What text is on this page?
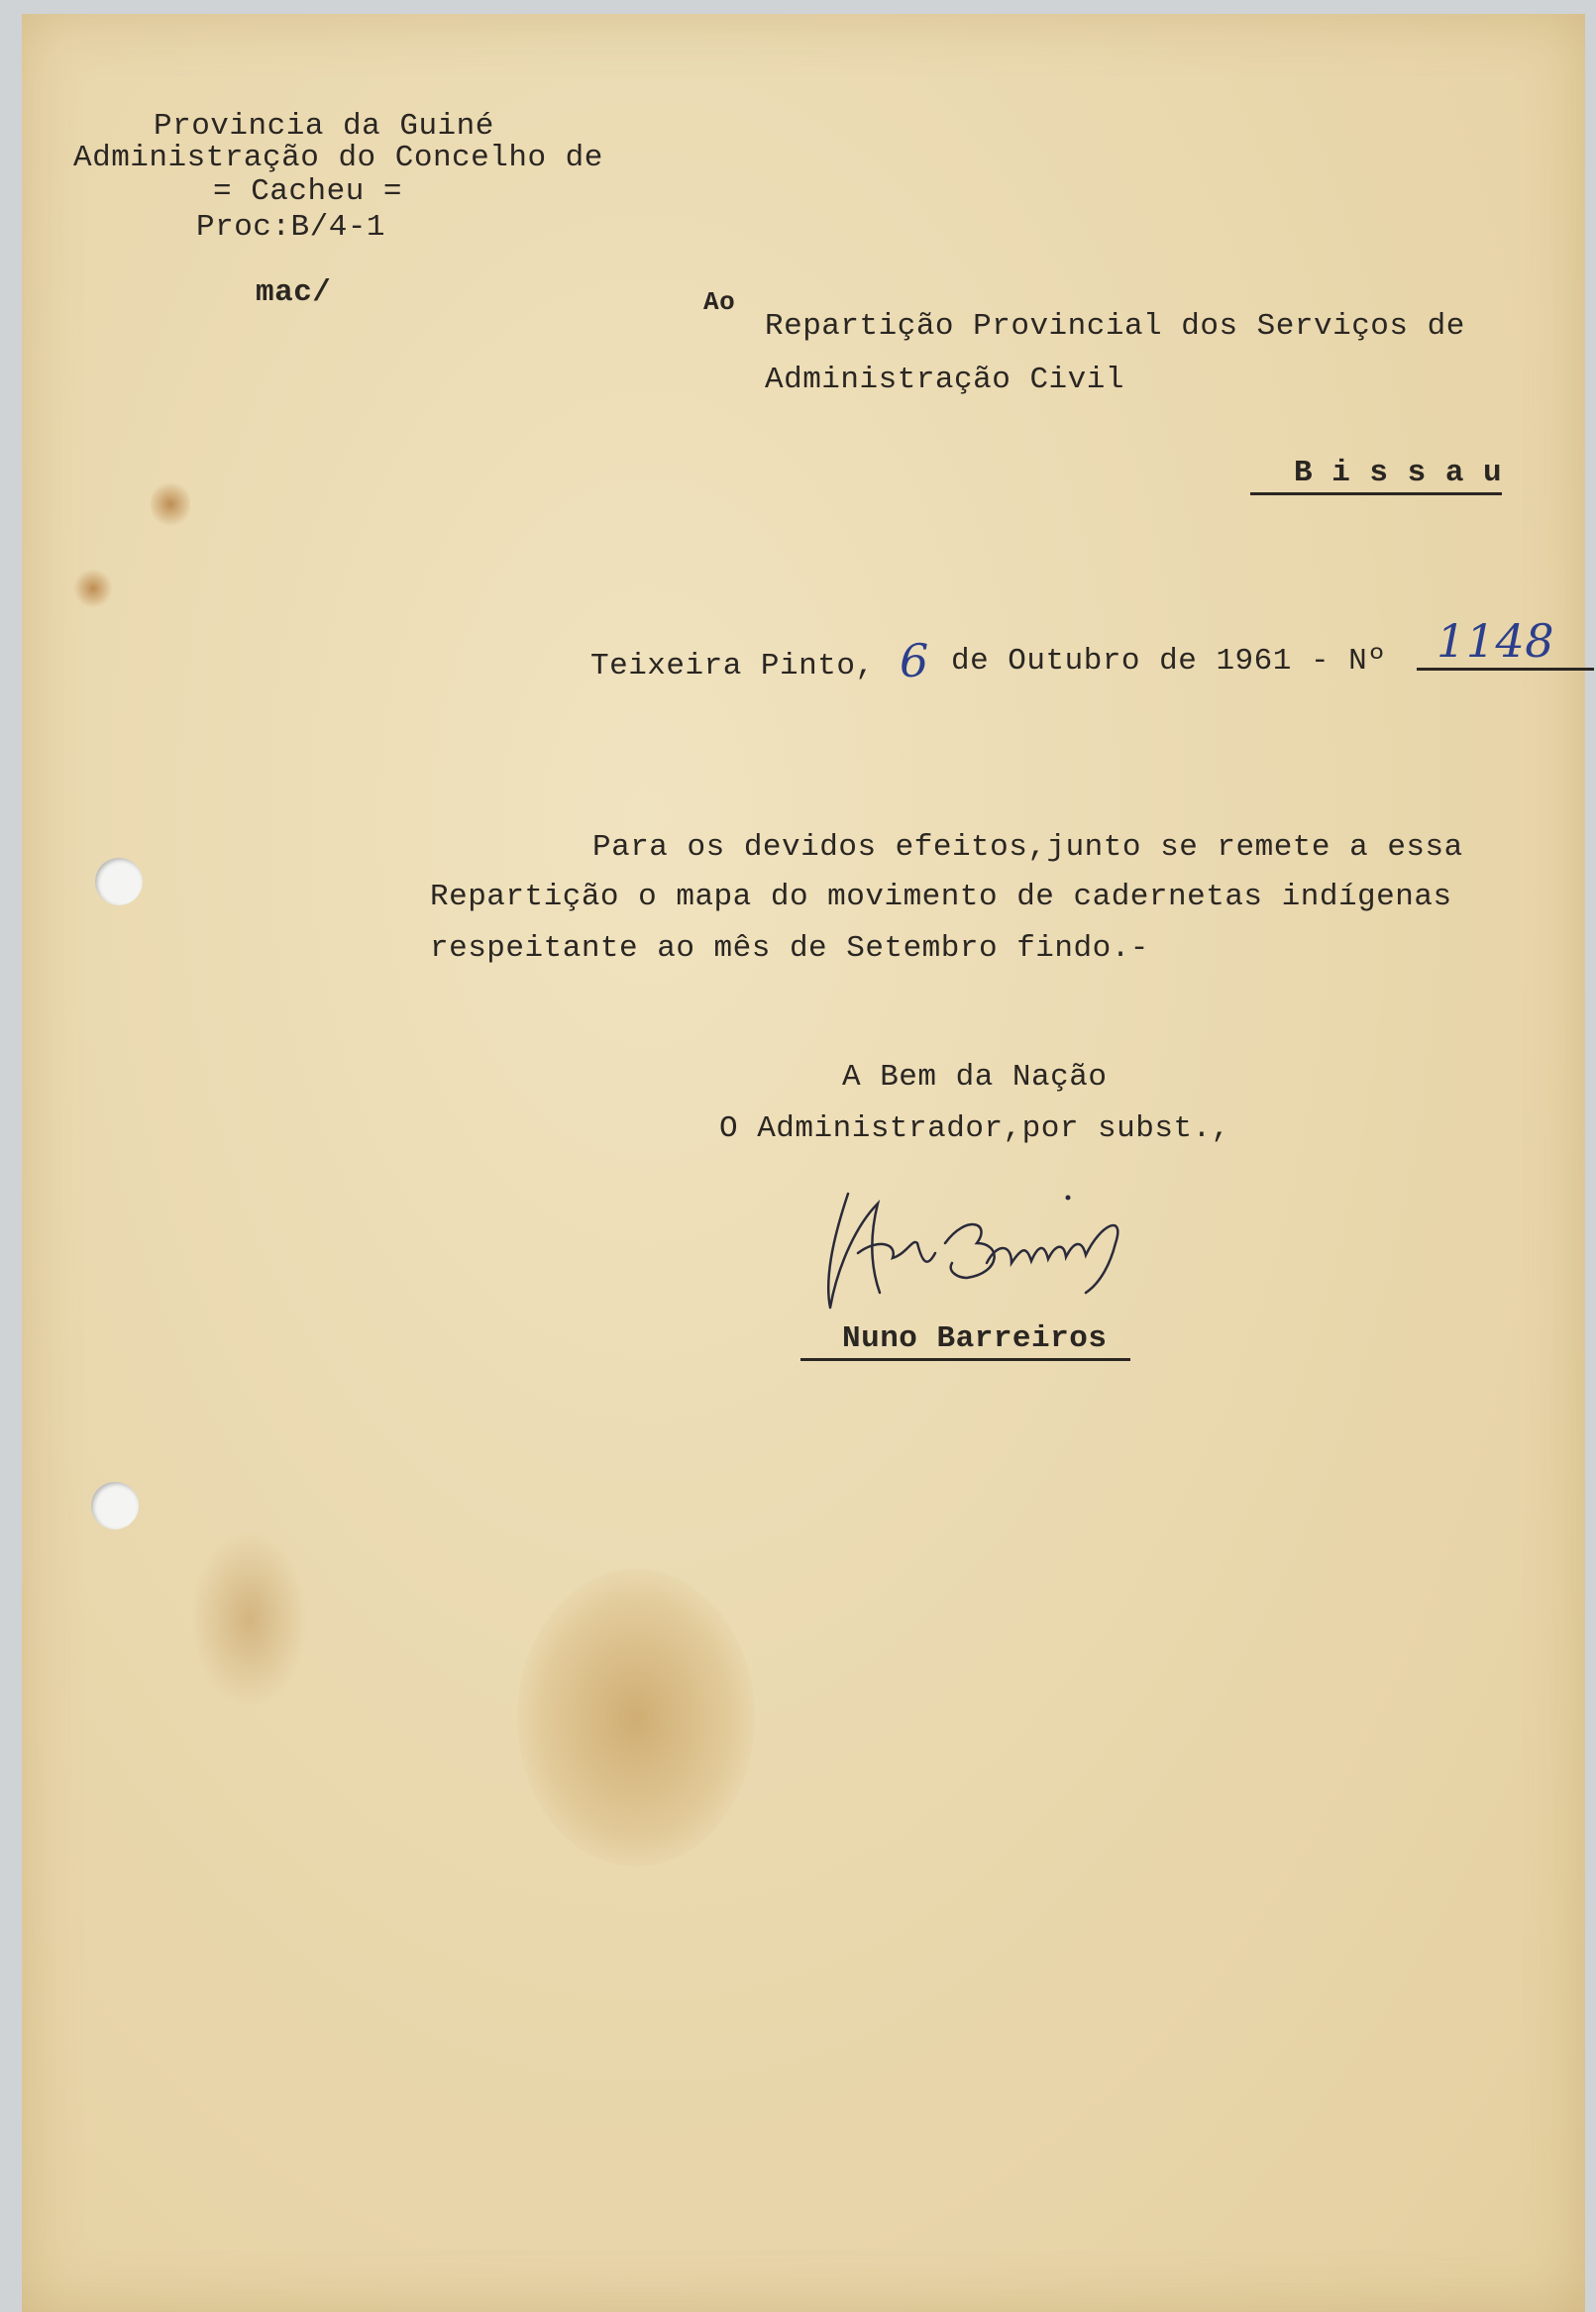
Provincia da Guiné
Administração do Concelho de
= Cacheu =
Proc:B/4-1
mac/	Ao
Repartição Provincial dos Serviços de
Administração Civil
B i s s a u
Teixeira Pinto, 6 de Outubro de 1961 - Nº	1148
Para os devidos efeitos,junto se remete a essa
Repartição o mapa do movimento de cadernetas indígenas
respeitante ao mês de Setembro findo.-
A Bem da Nação
O Administrador,por subst.,
Nuno Barreiros
